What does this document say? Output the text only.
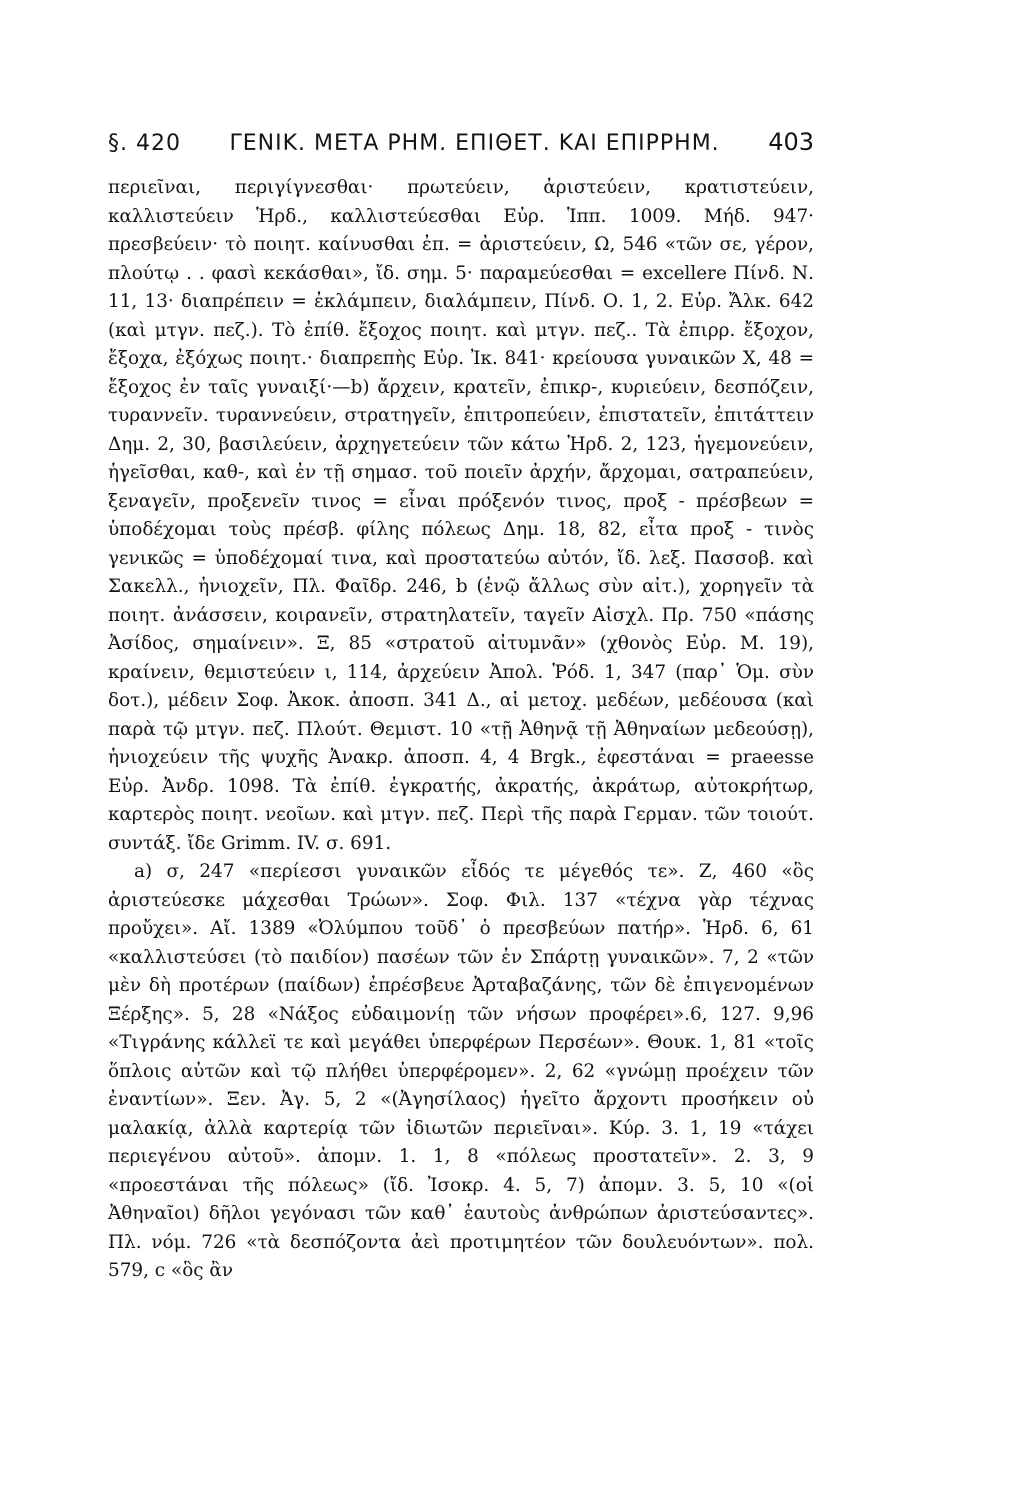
§. 420 ΓΕΝΙΚ. ΜΕΤΑ ΡΗΜ. ΕΠΙΘΕΤ. ΚΑΙ ΕΠΙΡΡΗΜ. 403

περιεῖναι, περιγίγνεσθαι· πρωτεύειν, ἀριστεύειν, κρατιστεύειν, καλλιστεύειν Ἡρδ., καλλιστεύεσθαι Εὐρ. Ἱππ. 1009. Μήδ. 947· πρεσβεύειν· τὸ ποιητ. καίνυσθαι ἐπ. = ἀριστεύειν, Ω, 546 «τῶν σε, γέρον, πλούτῳ . . φασὶ κεκάσθαι», ἴδ. σημ. 5· παραμεύεσθαι = excellere Πίνδ. Ν. 11, 13· διαπρέπειν = ἐκλάμπειν, διαλάμπειν, Πίνδ. Ο. 1, 2. Εὐρ. Ἄλκ. 642 (καὶ μτγν. πεζ.). Τὸ ἐπίθ. ἔξοχος ποιητ. καὶ μτγν. πεζ.. Τὰ ἐπιρρ. ἔξοχον, ἔξοχα, ἐξόχως ποιητ.· διαπρεπὴς Εὐρ. Ἰκ. 841· κρείουσα γυναικῶν Χ, 48 = ἔξοχος ἐν ταῖς γυναιξί·—b) ἄρχειν, κρατεῖν, ἐπικρ-, κυριεύειν, δεσπόζειν, τυραννεῖν. τυραννεύειν, στρατηγεῖν, ἐπιτροπεύειν, ἐπιστατεῖν, ἐπιτάττειν Δημ. 2, 30, βασιλεύειν, ἀρχηγετεύειν τῶν κάτω Ἡρδ. 2, 123, ἡγεμονεύειν, ἡγεῖσθαι, καθ-, καὶ ἐν τῇ σημασ. τοῦ ποιεῖν ἀρχήν, ἄρχομαι, σατραπεύειν, ξεναγεῖν, προξενεῖν τινος = εἶναι πρόξενόν τινος, προξ - πρέσβεων = ὑποδέχομαι τοὺς πρέσβ. φίλης πόλεως Δημ. 18, 82, εἶτα προξ - τινὸς γενικῶς = ὑποδέχομαί τινα, καὶ προστατεύω αὐτόν, ἴδ. λεξ. Πασσοβ. καὶ Σακελλ., ἡνιοχεῖν, Πλ. Φαῖδρ. 246, b (ἐνῷ ἄλλως σὺν αἰτ.), χορηγεῖν τὰ ποιητ. ἀνάσσειν, κοιρανεῖν, στρατηλατεῖν, ταγεῖν Αἰσχλ. Πρ. 750 «πάσης Ἀσίδος, σημαίνειν». Ξ, 85 «στρατοῦ αἰτυμνᾶν» (χθονὸς Εὐρ. Μ. 19), κραίνειν, θεμιστεύειν ι, 114, ἀρχεύειν Ἀπολ. Ῥόδ. 1, 347 (παρ᾽ Ὁμ. σὺν δοτ.), μέδειν Σοφ. Ἀκοκ. ἀποσπ. 341 Δ., αἱ μετοχ. μεδέων, μεδέουσα (καὶ παρὰ τῷ μτγν. πεζ. Πλούτ. Θεμιστ. 10 «τῇ Ἀθηνᾷ τῇ Ἀθηναίων μεδεούσῃ), ἡνιοχεύειν τῆς ψυχῆς Ἀνακρ. ἀποσπ. 4, 4 Brgk., ἐφεστάναι = praeesse Εὐρ. Ἀνδρ. 1098. Τὰ ἐπίθ. ἐγκρατής, ἀκρατής, ἀκράτωρ, αὐτοκρήτωρ, καρτερὸς ποιητ. νεοῖων. καὶ μτγν. πεζ. Περὶ τῆς παρὰ Γερμαν. τῶν τοιούτ. συντάξ. ἴδε Grimm. IV. σ. 691.

a) σ, 247 «περίεσσι γυναικῶν εἶδός τε μέγεθός τε». Ζ, 460 «ὃς ἀριστεύεσκε μάχεσθαι Τρώων». Σοφ. Φιλ. 137 «τέχνα γὰρ τέχνας προὔχει». Αἴ. 1389 «Ὀλύμπου τοῦδ᾽ ὁ πρεσβεύων πατήρ». Ἡρδ. 6, 61 «καλλιστεύσει (τὸ παιδίον) πασέων τῶν ἐν Σπάρτῃ γυναικῶν». 7, 2 «τῶν μὲν δὴ προτέρων (παίδων) ἐπρέσβευε Ἀρταβαζάνης, τῶν δὲ ἐπιγενομένων Ξέρξης». 5, 28 «Νάξος εὐδαιμονίῃ τῶν νήσων προφέρει».6, 127. 9,96 «Τιγράνης κάλλεϊ τε καὶ μεγάθει ὑπερφέρων Περσέων». Θουκ. 1, 81 «τοῖς ὅπλοις αὐτῶν καὶ τῷ πλήθει ὑπερφέρομεν». 2, 62 «γνώμῃ προέχειν τῶν ἐναντίων». Ξεν. Ἀγ. 5, 2 «(Ἀγησίλαος) ἡγεῖτο ἄρχοντι προσήκειν οὐ μαλακίᾳ, ἀλλὰ καρτερίᾳ τῶν ἰδιωτῶν περιεῖναι». Κύρ. 3. 1, 19 «τάχει περιεγένου αὐτοῦ». ἀπομν. 1. 1, 8 «πόλεως προστατεῖν». 2. 3, 9 «προεστάναι τῆς πόλεως» (ἴδ. Ἰσοκρ. 4. 5, 7) ἀπομν. 3. 5, 10 «(οἱ Ἀθηναῖοι) δῆλοι γεγόνασι τῶν καθ᾽ ἑαυτοὺς ἀνθρώπων ἀριστεύσαντες». Πλ. νόμ. 726 «τὰ δεσπόζοντα ἀεὶ προτιμητέον τῶν δουλευόντων». πολ. 579, c «ὃς ἂν
